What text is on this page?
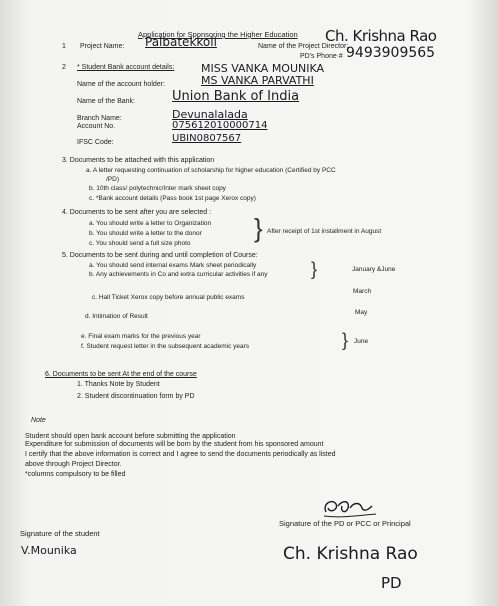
Application for Sponsoring the Higher Education
1 Project Name: Palbatekkoli	Name of the Project Director:
Ch. Krishna Rao
PD's Phone # 9493909565
2 * Student Bank account details: MISS VANKA MOUNIKA
Name of the account holder:	MS VANKA PARVATHI
Name of the Bank:	Union Bank of India
Branch Name:	Devunalalada
Account No.	075612010000714
IFSC Code:	UBIN0807567
3. Documents to be attached with this application
a. A letter requesting continuation of scholarship for higher education (Certified by PCC
/PD)
b. 10th class/ polytechnic/Inter mark sheet copy
c. *Bank account details (Pass book 1st page Xerox copy)
4. Documents to be sent after you are selected :
a. You should write a letter to Organization
b. You should write a letter to the donor
c. You should send a full size photo
} After receipt of 1st installment in August
5. Documents to be sent during and until completion of Course:
a. You should send internal exams Mark sheet periodically
b. Any achievements in Co and extra curricular activities if any }	January &June
c. Hall Ticket Xerox copy before annual public exams
March
d. Intimation of Result
May
e. Final exam marks for the previous year
f. Student request letter in the subsequent academic years	} June
6. Documents to be sent At the end of the course
1. Thanks Note by Student
2. Student discontinuation form by PD
Note
Student should open bank account before submitting the application
Expenditure for submission of documents will be born by the student from his sponsored amount
I certify that the above information is correct and I agree to send the documents periodically as listed
above through Project Director.
*columns compulsory to be filled
Signature of the PD or PCC or Principal
Signature of the student
V.Mounika	Ch. Krishna Rao
PD
